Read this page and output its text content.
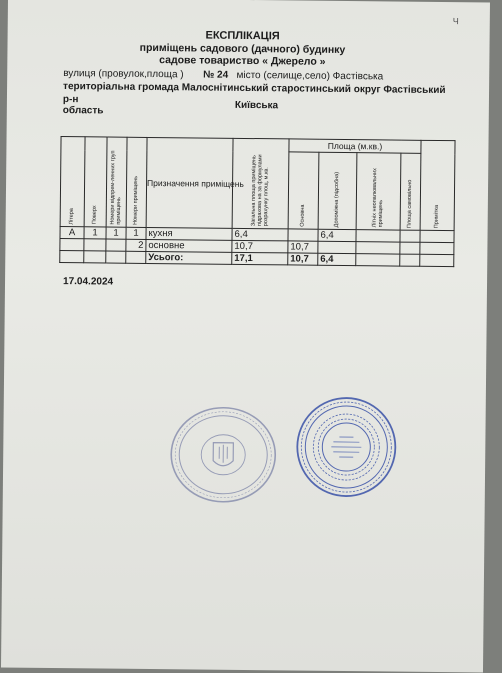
Ч
ЕКСПЛІКАЦІЯ
приміщень садового (дачного) будинку
садове товариство « Джерело »
вулиця (провулок,площа ) № 24 місто (селище,село) Фастівська
територіальна громада Малоснітинський старостинський округ Фастівський
р-н
область	Київська
Літера	Поверх	Номери відпрем-ленних груп приміщень	Номери приміщень	Призначення приміщень	Загальна площа приміщень підрахова на за формулами розрахунку площ, м.кв.	Площа (м.кв.)				Примітка

						Основна	Допоміжна (підсобна)	Літніх неопалювальних приміщень	Площа самовільно	

А	1	1	1	кухня	6,4		6,4			
			2	основне	10,7	10,7				
				Усього:	17,1	10,7	6,4			
17.04.2024
